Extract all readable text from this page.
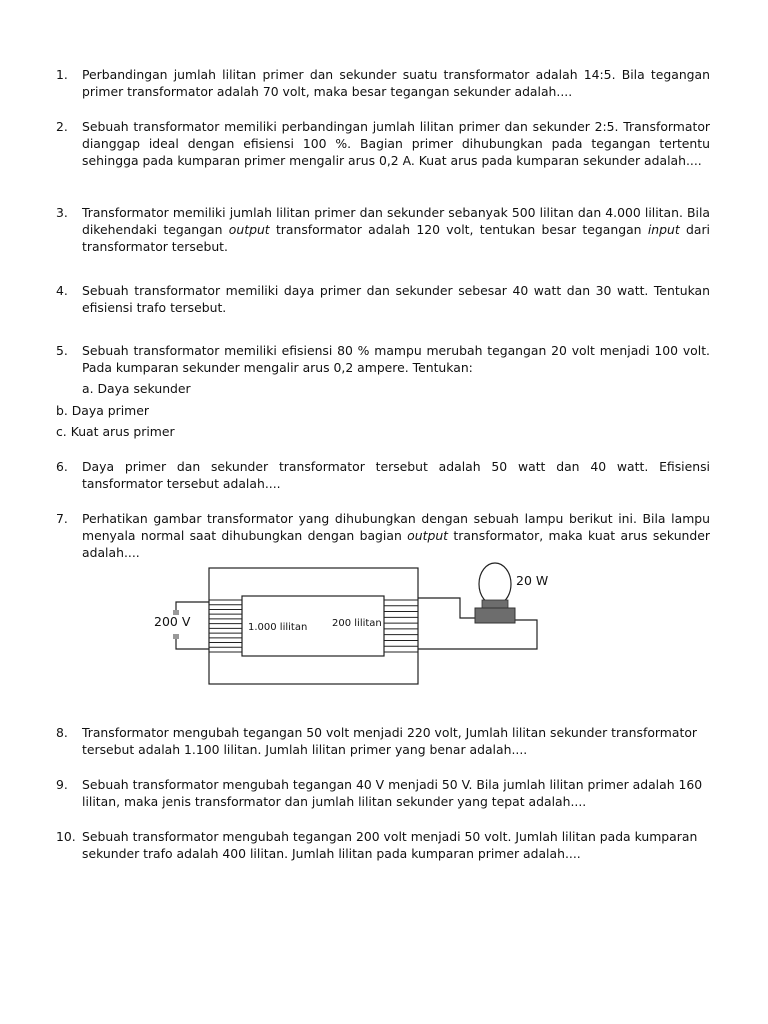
1.	Perbandingan jumlah lilitan primer dan sekunder suatu transformator adalah 14:5. Bila tegangan primer transformator adalah 70 volt, maka besar tegangan sekunder adalah....
2.	Sebuah transformator memiliki perbandingan jumlah lilitan primer dan sekunder 2:5. Transformator dianggap ideal dengan efisiensi 100 %. Bagian primer dihubungkan pada tegangan tertentu sehingga pada kumparan primer mengalir arus 0,2 A. Kuat arus pada kumparan sekunder adalah....
3.	Transformator memiliki jumlah lilitan primer dan sekunder sebanyak 500 lilitan dan 4.000 lilitan. Bila dikehendaki tegangan output transformator adalah 120 volt, tentukan besar tegangan input dari transformator tersebut.
4.	Sebuah transformator memiliki daya primer dan sekunder sebesar 40 watt dan 30 watt. Tentukan efisiensi trafo tersebut.
5.	Sebuah transformator memiliki efisiensi 80 % mampu merubah tegangan 20 volt menjadi 100 volt. Pada kumparan sekunder mengalir arus 0,2 ampere. Tentukan:
a. Daya sekunder
b. Daya primer
c. Kuat arus primer
6.	Daya primer dan sekunder transformator tersebut adalah 50 watt dan 40 watt. Efisiensi tansformator tersebut adalah....
7.	Perhatikan gambar transformator yang dihubungkan dengan sebuah lampu berikut ini. Bila lampu menyala normal saat dihubungkan dengan bagian output transformator, maka kuat arus sekunder adalah....
200 V	1.000 lilitan 200 lilitan
20 W
8.	Transformator mengubah tegangan 50 volt menjadi 220 volt, Jumlah lilitan sekunder transformator tersebut adalah 1.100 lilitan. Jumlah lilitan primer yang benar adalah....
9.	Sebuah transformator mengubah tegangan 40 V menjadi 50 V. Bila jumlah lilitan primer adalah 160 lilitan, maka jenis transformator dan jumlah lilitan sekunder yang tepat adalah....
10. Sebuah transformator mengubah tegangan 200 volt menjadi 50 volt. Jumlah lilitan pada kumparan sekunder trafo adalah 400 lilitan. Jumlah lilitan pada kumparan primer adalah....
